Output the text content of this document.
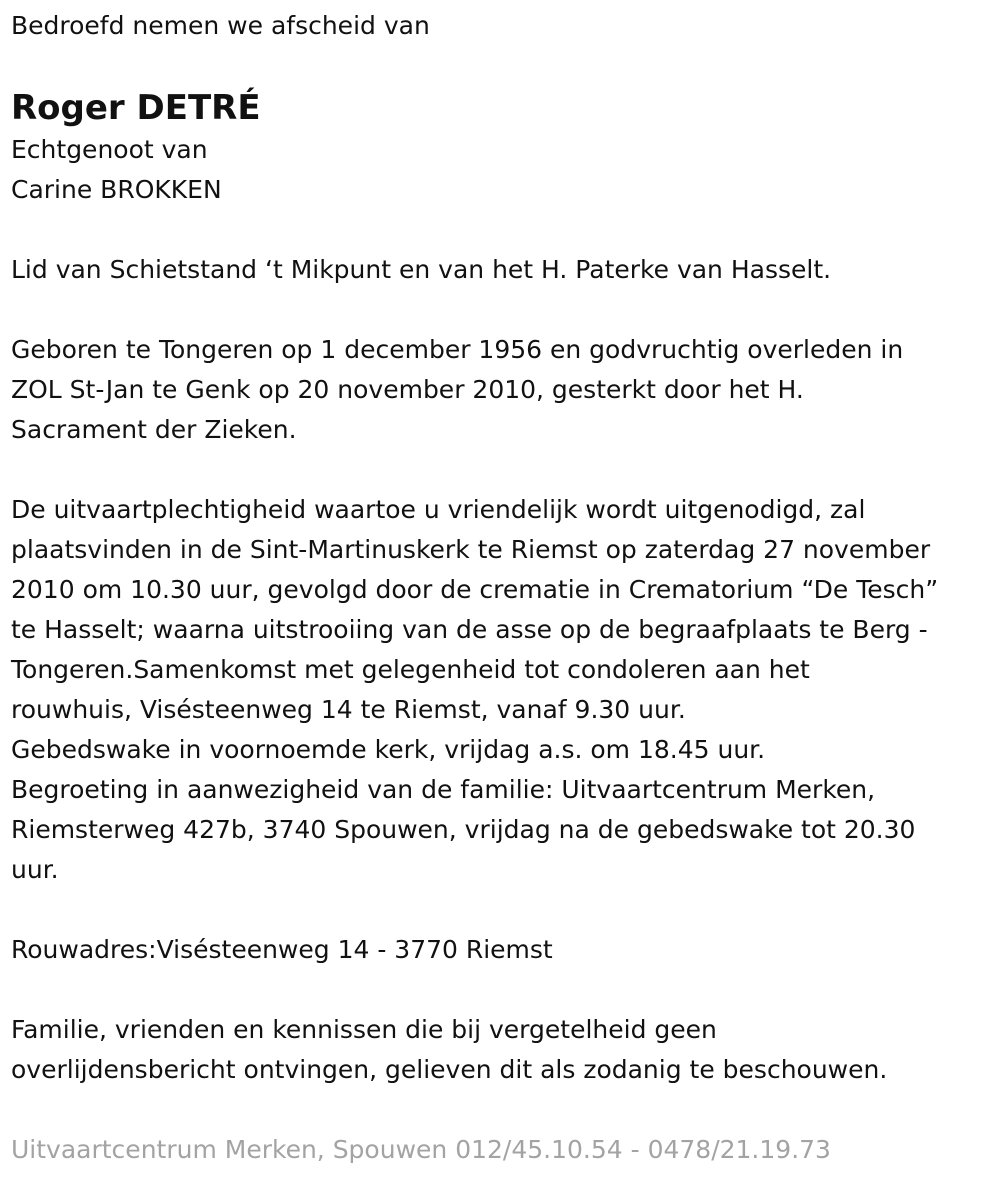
Bedroefd nemen we afscheid van

Roger DETRÉ

Echtgenoot van

Carine BROKKEN

Lid van Schietstand ‘t Mikpunt en van het H. Paterke van Hasselt.

Geboren te Tongeren op 1 december 1956 en godvruchtig overleden in

ZOL St-Jan te Genk op 20 november 2010, gesterkt door het H.

Sacrament der Zieken.

De uitvaartplechtigheid waartoe u vriendelijk wordt uitgenodigd, zal

plaatsvinden in de Sint-Martinuskerk te Riemst op zaterdag 27 november

2010 om 10.30 uur, gevolgd door de crematie in Crematorium “De Tesch”

te Hasselt; waarna uitstrooiing van de asse op de begraafplaats te Berg -

Tongeren.Samenkomst met gelegenheid tot condoleren aan het

rouwhuis, Visésteenweg 14 te Riemst, vanaf 9.30 uur.

Gebedswake in voornoemde kerk, vrijdag a.s. om 18.45 uur.

Begroeting in aanwezigheid van de familie: Uitvaartcentrum Merken,

Riemsterweg 427b, 3740 Spouwen, vrijdag na de gebedswake tot 20.30

uur.

Rouwadres:Visésteenweg 14 - 3770 Riemst

Familie, vrienden en kennissen die bij vergetelheid geen

overlijdensbericht ontvingen, gelieven dit als zodanig te beschouwen.

Uitvaartcentrum Merken, Spouwen 012/45.10.54 - 0478/21.19.73
